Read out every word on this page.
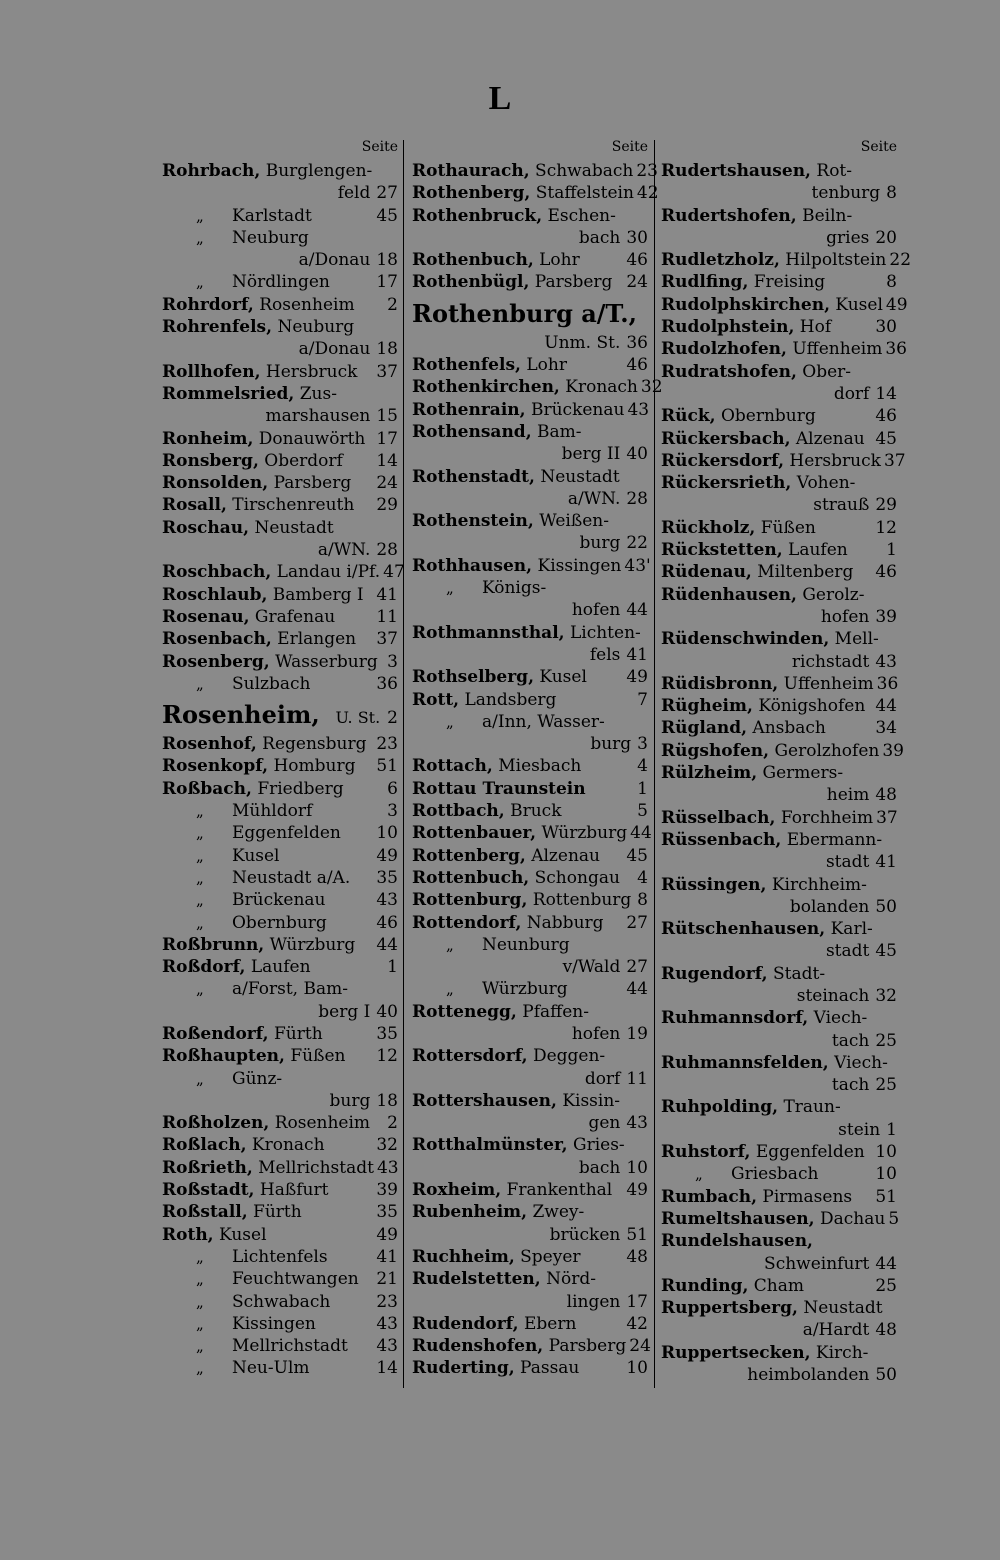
L
Seite
Rohrbach, Burglengen-
feld 27
„ Karlstadt	45
„ Neuburg
a/Donau 18
„ Nördlingen	17
Rohrdorf, Rosenheim	2
Rohrenfels, Neuburg
a/Donau 18
Rollhofen, Hersbruck	37
Rommelsried, Zus-
marshausen 15
Ronheim, Donauwörth 17
Ronsberg, Oberdorf	14
Ronsolden, Parsberg	24
Rosall, Tirschenreuth	29
Roschau, Neustadt
a/WN. 28
Roschbach, Landau i/Pf. 47
Roschlaub, Bamberg I 41
Rosenau, Grafenau	11
Rosenbach, Erlangen	37
Rosenberg, Wasserburg 3
„ Sulzbach	36
Rosenheim, U. St. 2
Rosenhof, Regensburg 23
Rosenkopf, Homburg	51
Roßbach, Friedberg	6
„ Mühldorf	3
„ Eggenfelden	10
„ Kusel	49
„ Neustadt a/A.	35
„ Brückenau	43
„ Obernburg	46
Roßbrunn, Würzburg	44
Roßdorf, Laufen	1
„ a/Forst, Bam-
berg I 40
Roßendorf, Fürth	35
Roßhaupten, Füßen	12
„ Günz-
burg 18
Roßholzen, Rosenheim	2
Roßlach, Kronach	32
Roßrieth, Mellrichstadt 43
Roßstadt, Haßfurt	39
Roßstall, Fürth	35
Roth, Kusel	49
„ Lichtenfels	41
„ Feuchtwangen	21
„ Schwabach	23
„ Kissingen	43
„ Mellrichstadt	43
„ Neu-Ulm	14
Seite
Rothaurach, Schwabach 23
Rothenberg, Staffelstein 42
Rothenbruck, Eschen-
bach 30
Rothenbuch, Lohr	46
Rothenbügl, Parsberg 24
Rothenburg a/T.,
Unm. St. 36
Rothenfels, Lohr	46
Rothenkirchen, Kronach 32
Rothenrain, Brückenau 43
Rothensand, Bam-
berg II 40
Rothenstadt, Neustadt
a/WN. 28
Rothenstein, Weißen-
burg 22
Rothhausen, Kissingen 43'
„ Königs-
hofen 44
Rothmannsthal, Lichten-
fels 41
Rothselberg, Kusel	49
Rott, Landsberg	7
„ a/Inn, Wasser-
burg 3
Rottach, Miesbach	4
Rottau Traunstein	1
Rottbach, Bruck	5
Rottenbauer, Würzburg 44
Rottenberg, Alzenau	45
Rottenbuch, Schongau	4
Rottenburg, Rottenburg 8
Rottendorf, Nabburg	27
„ Neunburg
v/Wald 27
„ Würzburg	44
Rottenegg, Pfaffen-
hofen 19
Rottersdorf, Deggen-
dorf 11
Rottershausen, Kissin-
gen 43
Rotthalmünster, Gries-
bach 10
Roxheim, Frankenthal 49
Rubenheim, Zwey-
brücken 51
Ruchheim, Speyer	48
Rudelstetten, Nörd-
lingen 17
Rudendorf, Ebern	42
Rudenshofen, Parsberg 24
Ruderting, Passau	10
Seite
Rudertshausen, Rot-
tenburg 8
Rudertshofen, Beiln-
gries 20
Rudletzholz, Hilpoltstein 22
Rudlfing, Freising	8
Rudolphskirchen, Kusel 49
Rudolphstein, Hof	30
Rudolzhofen, Uffenheim 36
Rudratshofen, Ober-
dorf 14
Rück, Obernburg	46
Rückersbach, Alzenau 45
Rückersdorf, Hersbruck 37
Rückersrieth, Vohen-
strauß 29
Rückholz, Füßen	12
Rückstetten, Laufen	1
Rüdenau, Miltenberg	46
Rüdenhausen, Gerolz-
hofen 39
Rüdenschwinden, Mell-
richstadt 43
Rüdisbronn, Uffenheim 36
Rügheim, Königshofen 44
Rügland, Ansbach	34
Rügshofen, Gerolzhofen 39
Rülzheim, Germers-
heim 48
Rüsselbach, Forchheim 37
Rüssenbach, Ebermann-
stadt 41
Rüssingen, Kirchheim-
bolanden 50
Rütschenhausen, Karl-
stadt 45
Rugendorf, Stadt-
steinach 32
Ruhmannsdorf, Viech-
tach 25
Ruhmannsfelden, Viech-
tach 25
Ruhpolding, Traun-
stein 1
Ruhstorf, Eggenfelden 10
„ Griesbach	10
Rumbach, Pirmasens	51
Rumeltshausen, Dachau 5
Rundelshausen,
Schweinfurt 44
Runding, Cham	25
Ruppertsberg, Neustadt
a/Hardt 48
Ruppertsecken, Kirch-
heimbolanden 50
